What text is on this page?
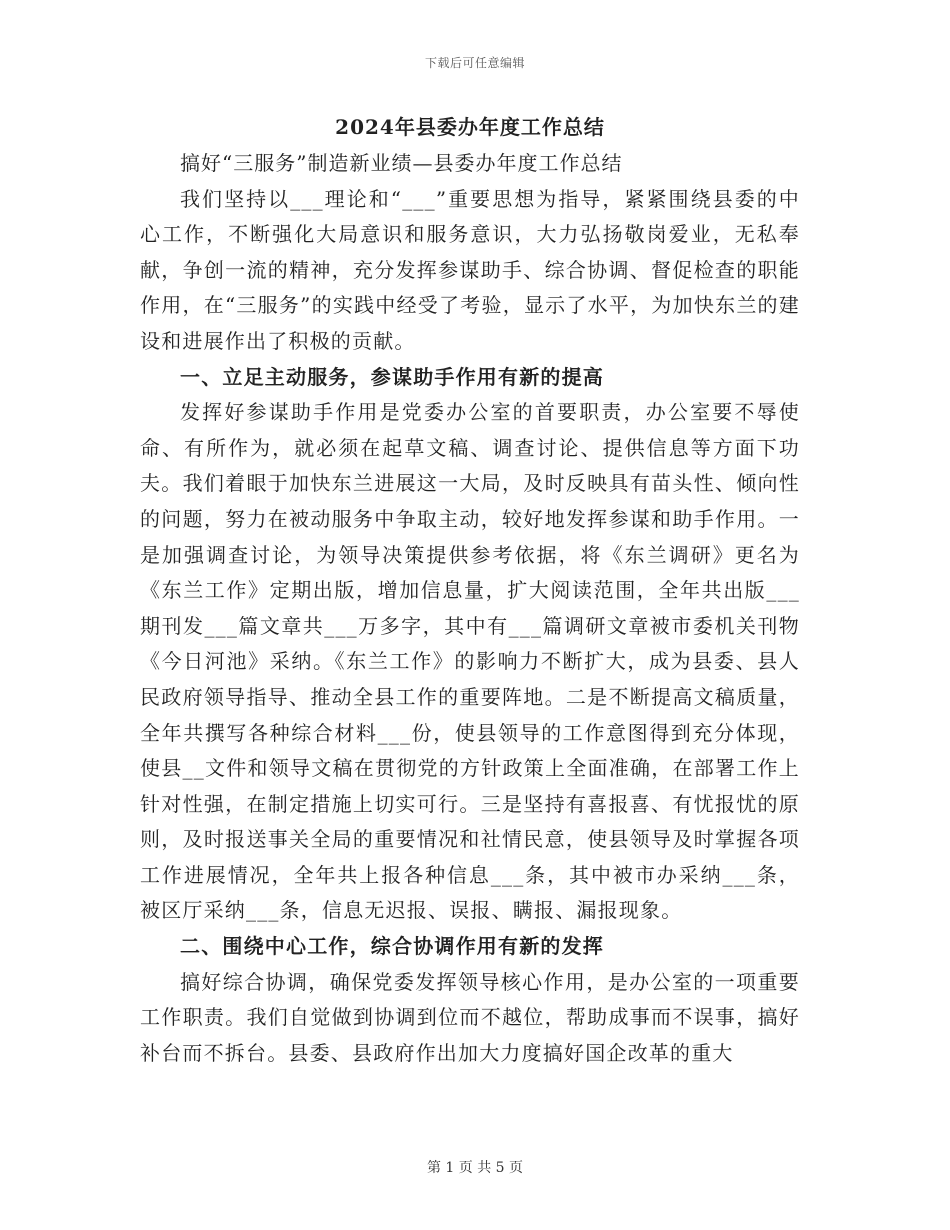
下载后可任意编辑
2024年县委办年度工作总结

搞好“三服务”制造新业绩—县委办年度工作总结

我们坚持以___理论和“___”重要思想为指导，紧紧围绕县委的中心工作，不断强化大局意识和服务意识，大力弘扬敬岗爱业，无私奉献，争创一流的精神，充分发挥参谋助手、综合协调、督促检查的职能作用，在“三服务”的实践中经受了考验，显示了水平，为加快东兰的建设和进展作出了积极的贡献。

一、立足主动服务，参谋助手作用有新的提高

发挥好参谋助手作用是党委办公室的首要职责，办公室要不辱使命、有所作为，就必须在起草文稿、调查讨论、提供信息等方面下功夫。我们着眼于加快东兰进展这一大局，及时反映具有苗头性、倾向性的问题，努力在被动服务中争取主动，较好地发挥参谋和助手作用。一是加强调查讨论，为领导决策提供参考依据，将《东兰调研》更名为《东兰工作》定期出版，增加信息量，扩大阅读范围，全年共出版___期刊发___篇文章共___万多字，其中有___篇调研文章被市委机关刊物《今日河池》采纳。《东兰工作》的影响力不断扩大，成为县委、县人民政府领导指导、推动全县工作的重要阵地。二是不断提高文稿质量，全年共撰写各种综合材料___份，使县领导的工作意图得到充分体现，使县__文件和领导文稿在贯彻党的方针政策上全面准确，在部署工作上针对性强，在制定措施上切实可行。三是坚持有喜报喜、有忧报忧的原则，及时报送事关全局的重要情况和社情民意，使县领导及时掌握各项工作进展情况，全年共上报各种信息___条，其中被市办采纳___条，被区厅采纳___条，信息无迟报、误报、瞒报、漏报现象。

二、围绕中心工作，综合协调作用有新的发挥

搞好综合协调，确保党委发挥领导核心作用，是办公室的一项重要工作职责。我们自觉做到协调到位而不越位，帮助成事而不误事，搞好补台而不拆台。县委、县政府作出加大力度搞好国企改革的重大

第 1 页 共 5 页
